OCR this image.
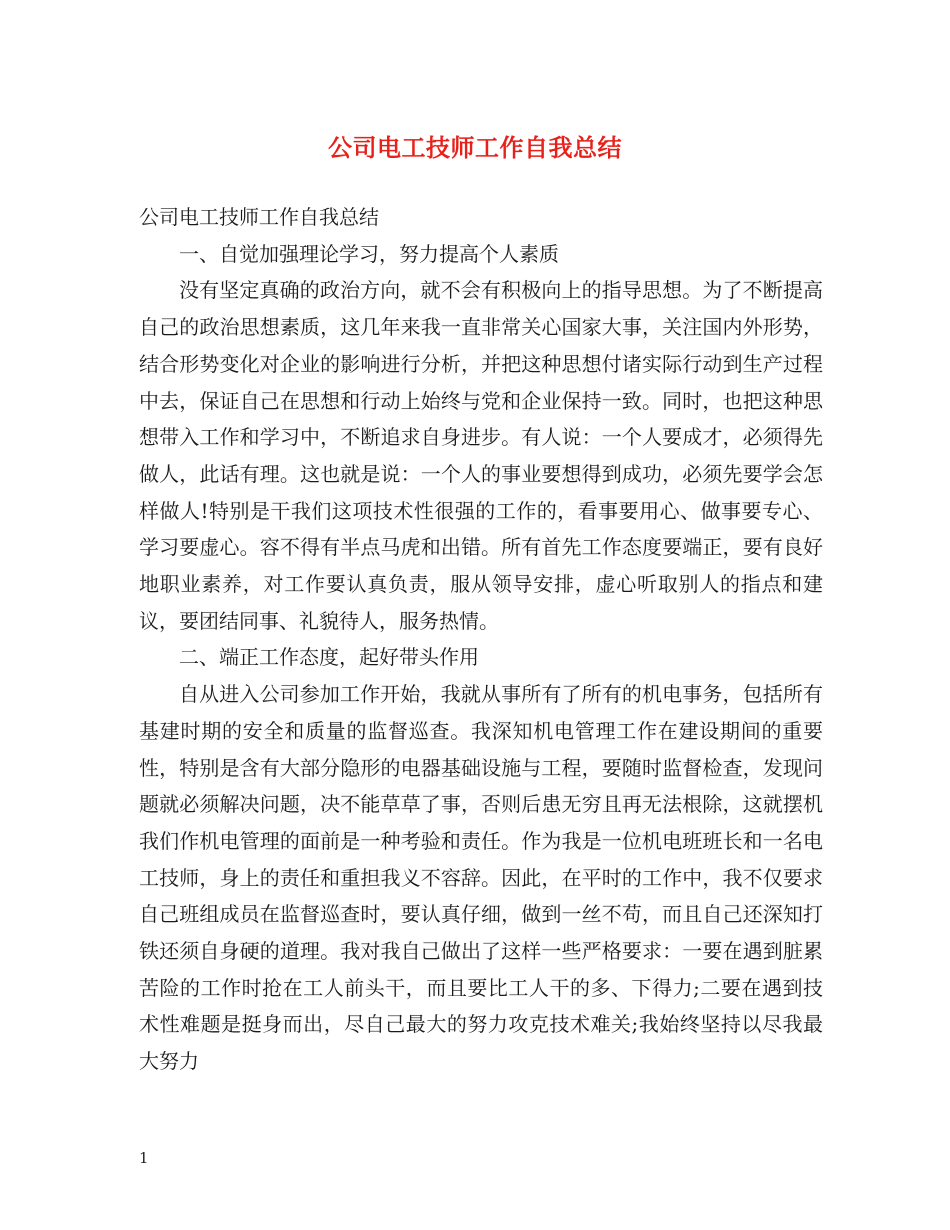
公司电工技师工作自我总结

公司电工技师工作自我总结

一、自觉加强理论学习，努力提高个人素质

没有坚定真确的政治方向，就不会有积极向上的指导思想。为了不断提高自己的政治思想素质，这几年来我一直非常关心国家大事，关注国内外形势，结合形势变化对企业的影响进行分析，并把这种思想付诸实际行动到生产过程中去，保证自己在思想和行动上始终与党和企业保持一致。同时，也把这种思想带入工作和学习中，不断追求自身进步。有人说：一个人要成才，必须得先做人，此话有理。这也就是说：一个人的事业要想得到成功，必须先要学会怎样做人!特别是干我们这项技术性很强的工作的，看事要用心、做事要专心、学习要虚心。容不得有半点马虎和出错。所有首先工作态度要端正，要有良好地职业素养，对工作要认真负责，服从领导安排，虚心听取别人的指点和建议，要团结同事、礼貌待人，服务热情。

二、端正工作态度，起好带头作用

自从进入公司参加工作开始，我就从事所有了所有的机电事务，包括所有基建时期的安全和质量的监督巡查。我深知机电管理工作在建设期间的重要性，特别是含有大部分隐形的电器基础设施与工程，要随时监督检查，发现问题就必须解决问题，决不能草草了事，否则后患无穷且再无法根除，这就摆机我们作机电管理的面前是一种考验和责任。作为我是一位机电班班长和一名电工技师，身上的责任和重担我义不容辞。因此，在平时的工作中，我不仅要求自己班组成员在监督巡查时，要认真仔细，做到一丝不苟，而且自己还深知打铁还须自身硬的道理。我对我自己做出了这样一些严格要求：一要在遇到脏累苦险的工作时抢在工人前头干，而且要比工人干的多、下得力;二要在遇到技术性难题是挺身而出，尽自己最大的努力攻克技术难关;我始终坚持以尽我最大努力

1
